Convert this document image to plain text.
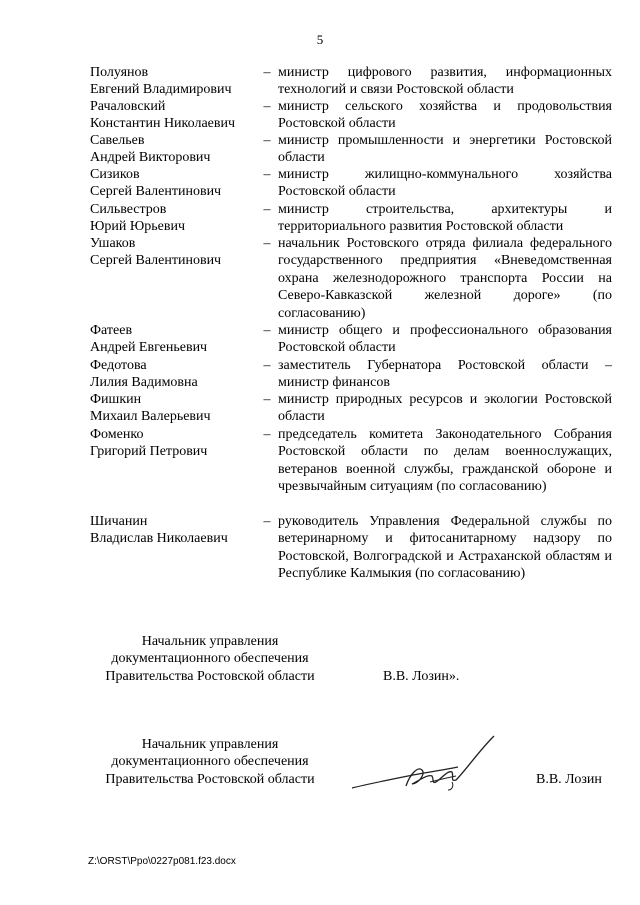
5
Полуянов
Евгений Владимирович
– министр цифрового развития, информационных технологий и связи Ростовской области
Рачаловский
Константин Николаевич
– министр сельского хозяйства и продовольствия Ростовской области
Савельев
Андрей Викторович
– министр промышленности и энергетики Ростовской области
Сизиков
Сергей Валентинович
– министр жилищно-коммунального хозяйства Ростовской области
Сильвестров
Юрий Юрьевич
– министр строительства, архитектуры и территориального развития Ростовской области
Ушаков
Сергей Валентинович
– начальник Ростовского отряда филиала федерального государственного предприятия «Вневедомственная охрана железнодорожного транспорта России на Северо-Кавказской железной дороге» (по согласованию)
Фатеев
Андрей Евгеньевич
– министр общего и профессионального образования Ростовской области
Федотова
Лилия Вадимовна
– заместитель Губернатора Ростовской области – министр финансов
Фишкин
Михаил Валерьевич
– министр природных ресурсов и экологии Ростовской области
Фоменко
Григорий Петрович
– председатель комитета Законодательного Собрания Ростовской области по делам военнослужащих, ветеранов военной службы, гражданской обороне и чрезвычайным ситуациям (по согласованию)
Шичанин
Владислав Николаевич
– руководитель Управления Федеральной службы по ветеринарному и фитосанитарному надзору по Ростовской, Волгоградской и Астраханской областям и Республике Калмыкия (по согласованию)
Начальник управления
документационного обеспечения
Правительства Ростовской области	В.В. Лозин».
Начальник управления
документационного обеспечения
Правительства Ростовской области	В.В. Лозин
Z:\ORST\Ppo\0227p081.f23.docx
